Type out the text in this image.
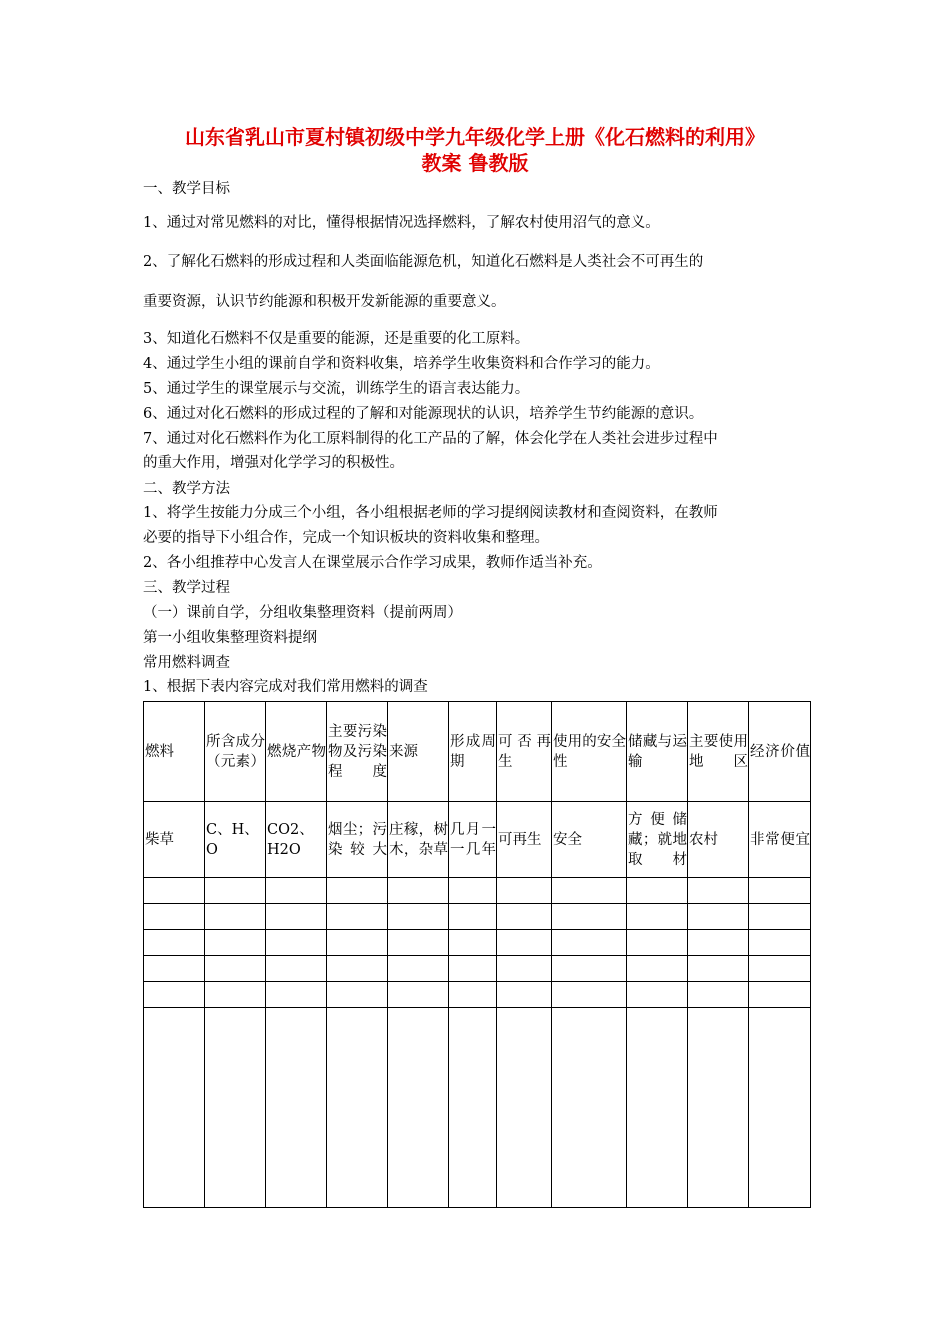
山东省乳山市夏村镇初级中学九年级化学上册《化石燃料的利用》
教案 鲁教版
一、教学目标
1、通过对常见燃料的对比，懂得根据情况选择燃料，了解农村使用沼气的意义。
2、了解化石燃料的形成过程和人类面临能源危机，知道化石燃料是人类社会不可再生的
重要资源，认识节约能源和积极开发新能源的重要意义。
3、知道化石燃料不仅是重要的能源，还是重要的化工原料。
4、通过学生小组的课前自学和资料收集，培养学生收集资料和合作学习的能力。
5、通过学生的课堂展示与交流，训练学生的语言表达能力。
6、通过对化石燃料的形成过程的了解和对能源现状的认识，培养学生节约能源的意识。
7、通过对化石燃料作为化工原料制得的化工产品的了解，体会化学在人类社会进步过程中
的重大作用，增强对化学学习的积极性。
二、教学方法
1、将学生按能力分成三个小组，各小组根据老师的学习提纲阅读教材和查阅资料，在教师
必要的指导下小组合作，完成一个知识板块的资料收集和整理。
2、各小组推荐中心发言人在课堂展示合作学习成果，教师作适当补充。
三、教学过程
（一）课前自学，分组收集整理资料（提前两周）
第一小组收集整理资料提纲
常用燃料调查
1、根据下表内容完成对我们常用燃料的调查
燃料	所含成分（元素）	燃烧产物	主要污染物及污染程度	来源	形成周期	可否再生	使用的安全性	储藏与运输	主要使用地区	经济价值
柴草	C、H、O	CO2、H2O	烟尘；污染较大	庄稼，树木，杂草	几月一一几年	可再生	安全	方便储藏；就地取材	农村	非常便宜
